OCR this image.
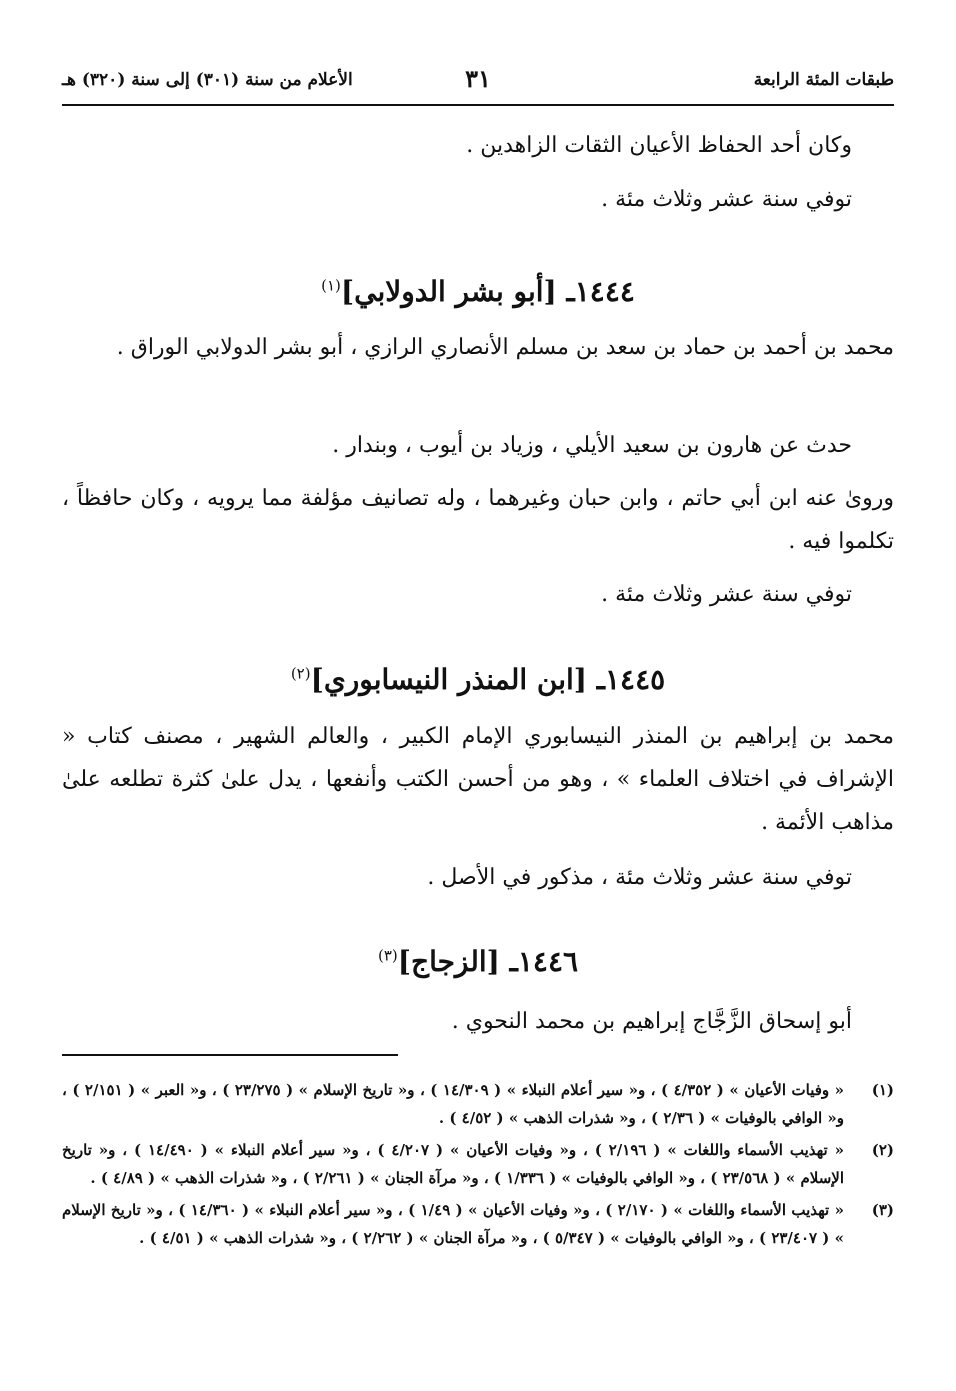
طبقات المئة الرابعة
٣١
الأعلام من سنة (٣٠١) إلى سنة (٣٢٠) هـ
وكان أحد الحفاظ الأعيان الثقات الزاهدين .
توفي سنة عشر وثلاث مئة .
١٤٤٤ـ [أبو بشر الدولابي]$^{(١)}$
محمد بن أحمد بن حماد بن سعد بن مسلم الأنصاري الرازي ، أبو بشر الدولابي الوراق .
حدث عن هارون بن سعيد الأيلي ، وزياد بن أيوب ، وبندار .
وروىٰ عنه ابن أبي حاتم ، وابن حبان وغيرهما ، وله تصانيف مؤلفة مما يرويه ، وكان حافظاً ، تكلموا فيه .
توفي سنة عشر وثلاث مئة .
١٤٤٥ـ [ابن المنذر النيسابوري]$^{(٢)}$
محمد بن إبراهيم بن المنذر النيسابوري الإمام الكبير ، والعالم الشهير ، مصنف كتاب « الإشراف في اختلاف العلماء » ، وهو من أحسن الكتب وأنفعها ، يدل علىٰ كثرة تطلعه علىٰ مذاهب الأئمة .
توفي سنة عشر وثلاث مئة ، مذكور في الأصل .
١٤٤٦ـ [الزجاج]$^{(٣)}$
أبو إسحاق الزَّجَّاج إبراهيم بن محمد النحوي .
(١)
« وفيات الأعيان » ( ٤/٣٥٢ ) ، و« سير أعلام النبلاء » ( ١٤/٣٠٩ ) ، و« تاريخ الإسلام » ( ٢٣/٢٧٥ ) ، و« العبر » ( ٢/١٥١ ) ، و« الوافي بالوفيات » ( ٢/٣٦ ) ، و« شذرات الذهب » ( ٤/٥٢ ) .
(٢)
« تهذيب الأسماء واللغات » ( ٢/١٩٦ ) ، و« وفيات الأعيان » ( ٤/٢٠٧ ) ، و« سير أعلام النبلاء » ( ١٤/٤٩٠ ) ، و« تاريخ الإسلام » ( ٢٣/٥٦٨ ) ، و« الوافي بالوفيات » ( ١/٣٣٦ ) ، و« مرآة الجنان » ( ٢/٢٦١ ) ، و« شذرات الذهب » ( ٤/٨٩ ) .
(٣)
« تهذيب الأسماء واللغات » ( ٢/١٧٠ ) ، و« وفيات الأعيان » ( ١/٤٩ ) ، و« سير أعلام النبلاء » ( ١٤/٣٦٠ ) ، و« تاريخ الإسلام » ( ٢٣/٤٠٧ ) ، و« الوافي بالوفيات » ( ٥/٣٤٧ ) ، و« مرآة الجنان » ( ٢/٢٦٢ ) ، و« شذرات الذهب » ( ٤/٥١ ) .
